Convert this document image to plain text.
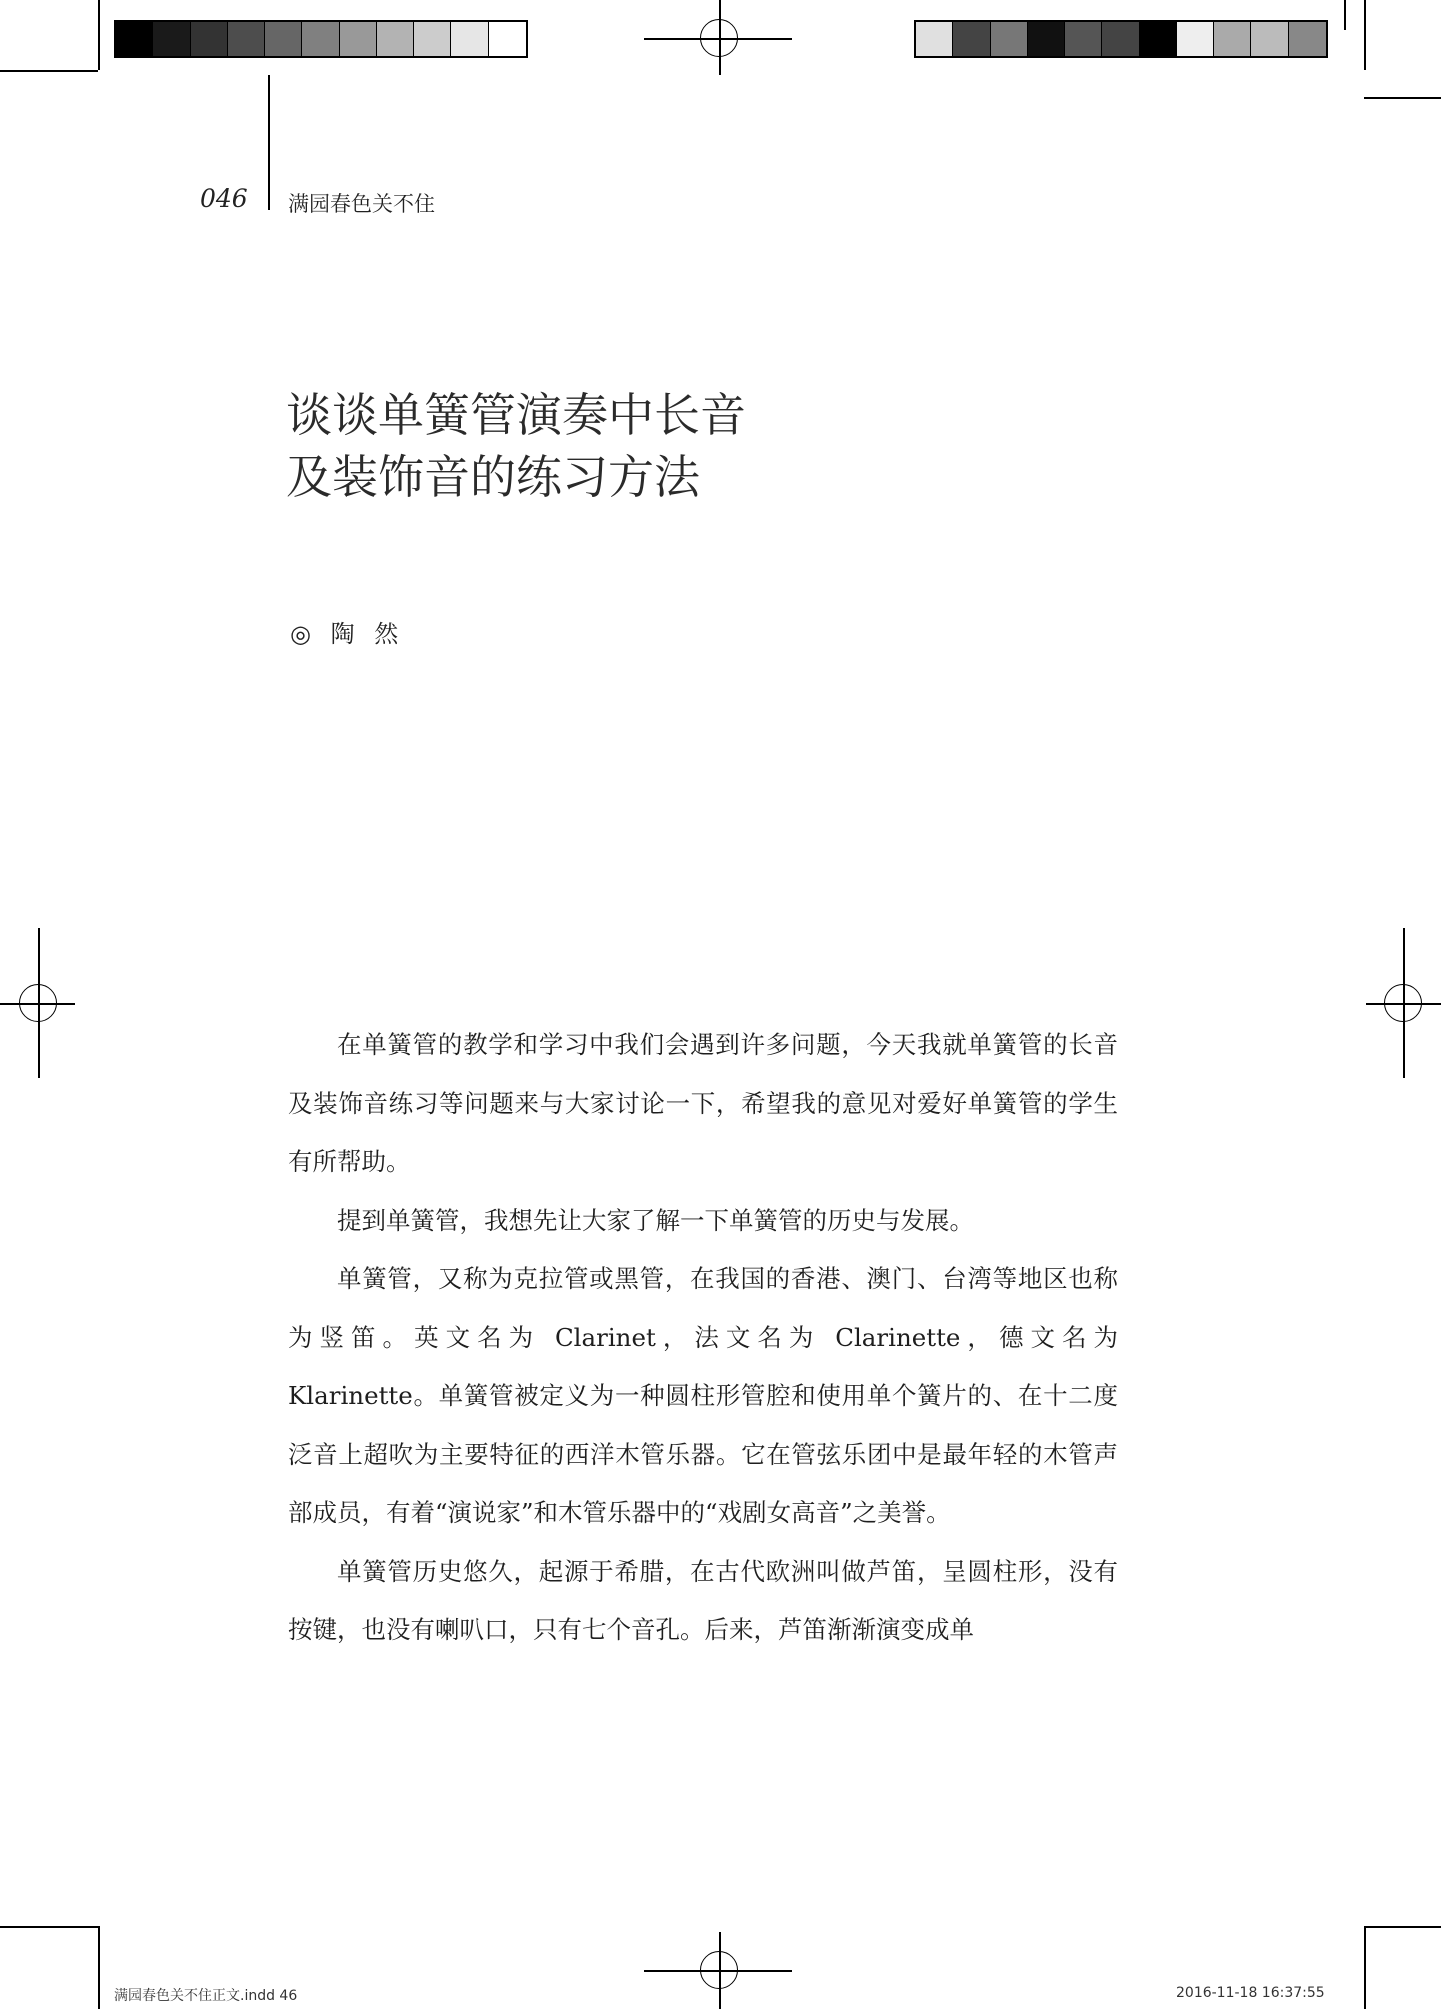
046 满园春色关不住
谈谈单簧管演奏中长音
及装饰音的练习方法
◎ 陶 然

在单簧管的教学和学习中我们会遇到许多问题，今天我就单簧管的长音及装饰音练习等问题来与大家讨论一下，希望我的意见对爱好单簧管的学生有所帮助。

提到单簧管，我想先让大家了解一下单簧管的历史与发展。

单簧管，又称为克拉管或黑管，在我国的香港、澳门、台湾等地区也称为竖笛。英文名为 Clarinet，法文名为 Clarinette，德文名为 Klarinette。单簧管被定义为一种圆柱形管腔和使用单个簧片的、在十二度泛音上超吹为主要特征的西洋木管乐器。它在管弦乐团中是最年轻的木管声部成员，有着“演说家”和木管乐器中的“戏剧女高音”之美誉。

单簧管历史悠久，起源于希腊，在古代欧洲叫做芦笛，呈圆柱形，没有按键，也没有喇叭口，只有七个音孔。后来，芦笛渐渐演变成单

满园春色关不住正文.indd 46	2016-11-18 16:37:55
